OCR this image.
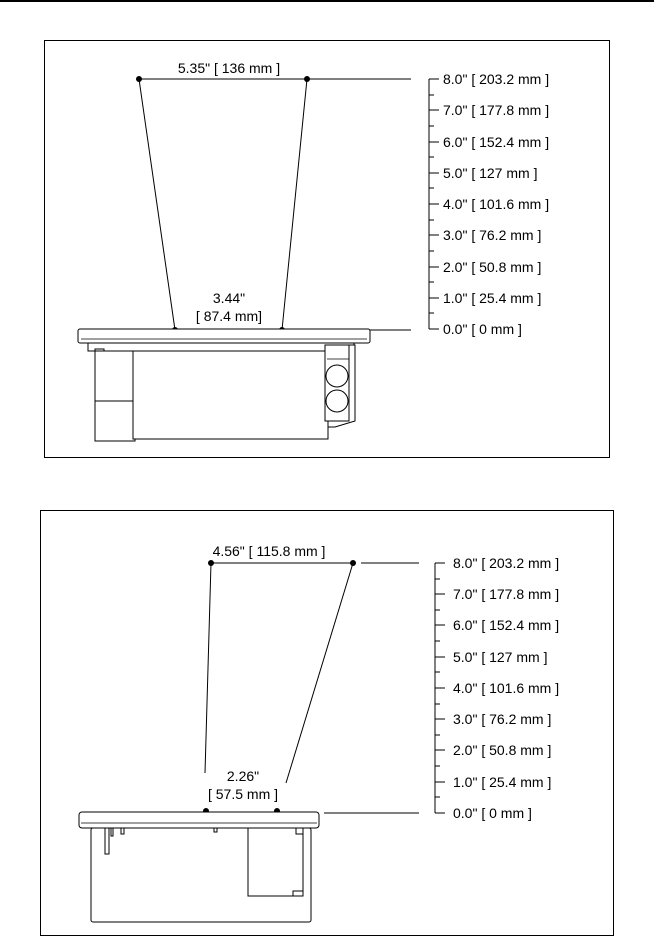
5.35" [ 136 mm ]
3.44"
[ 87.4 mm]
8.0" [ 203.2 mm ]
7.0" [ 177.8 mm ]
6.0" [ 152.4 mm ]
5.0" [ 127 mm ]
4.0" [ 101.6 mm ]
3.0" [ 76.2 mm ]
2.0" [ 50.8 mm ]
1.0" [ 25.4 mm ]
0.0" [ 0 mm ]
4.56" [ 115.8 mm ]
2.26"
[ 57.5 mm ]
8.0" [ 203.2 mm ]
7.0" [ 177.8 mm ]
6.0" [ 152.4 mm ]
5.0" [ 127 mm ]
4.0" [ 101.6 mm ]
3.0" [ 76.2 mm ]
2.0" [ 50.8 mm ]
1.0" [ 25.4 mm ]
0.0" [ 0 mm ]
